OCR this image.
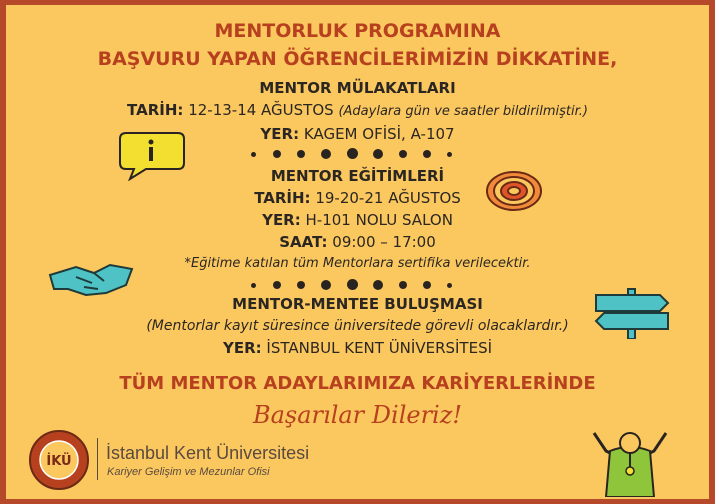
MENTORLUK PROGRAMINA
BAŞVURU YAPAN ÖĞRENCİLERİMİZİN DİKKATİNE,
MENTOR MÜLAKATLARI
TARİH: 12-13-14 AĞUSTOS (Adaylara gün ve saatler bildirilmiştir.)
YER: KAGEM OFİSİ, A-107
MENTOR EĞİTİMLERİ
TARİH: 19-20-21 AĞUSTOS
YER: H-101 NOLU SALON
SAAT: 09:00 – 17:00
*Eğitime katılan tüm Mentorlara sertifika verilecektir.
MENTOR-MENTEE BULUŞMASI
(Mentorlar kayıt süresince üniversitede görevli olacaklardır.)
YER: İSTANBUL KENT ÜNİVERSİTESİ
TÜM MENTOR ADAYLARIMIZA KARİYERLERİNDE
Başarılar Dileriz!
İKÜ İstanbul Kent Üniversitesi
Kariyer Gelişim ve Mezunlar Ofisi
